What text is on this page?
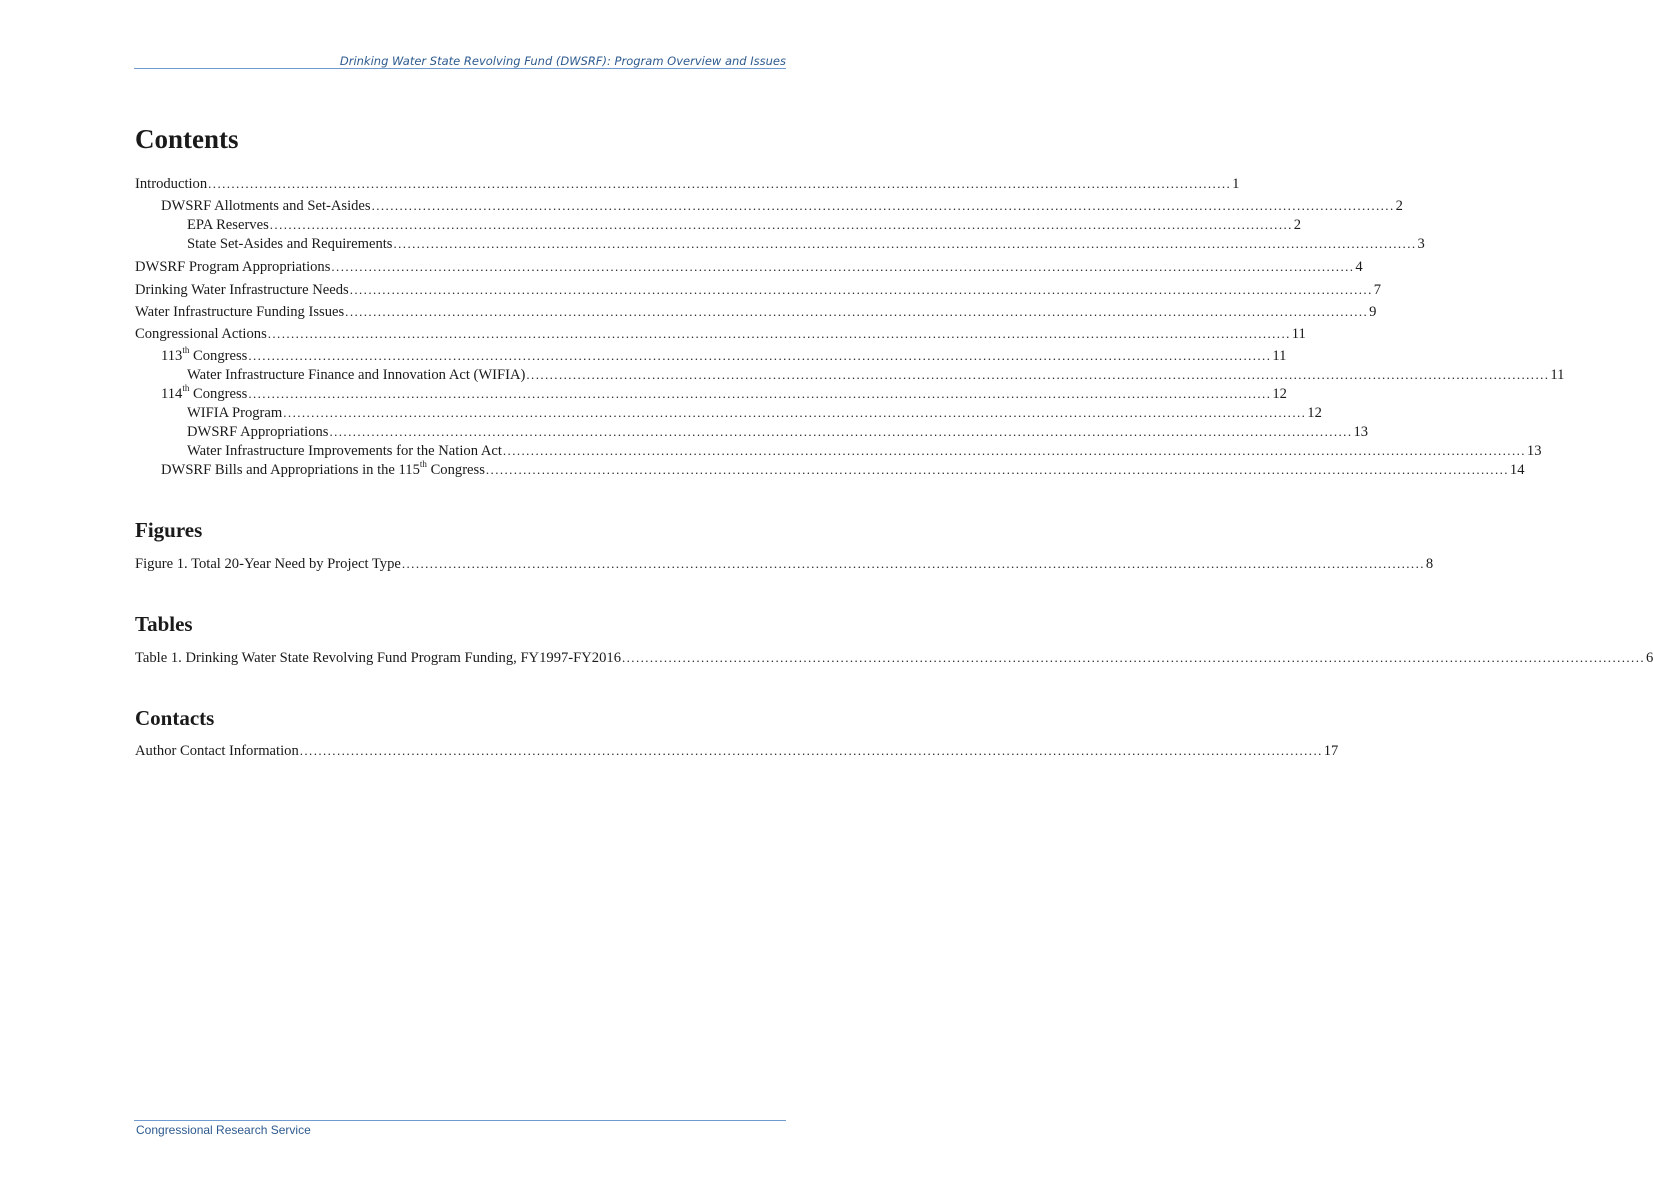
Drinking Water State Revolving Fund (DWSRF): Program Overview and Issues
Contents
Introduction ............................................................................................................................................................................................................................ 1
DWSRF Allotments and Set-Asides ............................................................................................................................................................................................................................ 2
EPA Reserves ............................................................................................................................................................................................................................ 2
State Set-Asides and Requirements ............................................................................................................................................................................................................................ 3
DWSRF Program Appropriations ............................................................................................................................................................................................................................ 4
Drinking Water Infrastructure Needs ............................................................................................................................................................................................................................ 7
Water Infrastructure Funding Issues ............................................................................................................................................................................................................................ 9
Congressional Actions ............................................................................................................................................................................................................................ 11
113th Congress ............................................................................................................................................................................................................................ 11
Water Infrastructure Finance and Innovation Act (WIFIA) ............................................................................................................................................................................................................................ 11
114th Congress ............................................................................................................................................................................................................................ 12
WIFIA Program ............................................................................................................................................................................................................................ 12
DWSRF Appropriations ............................................................................................................................................................................................................................ 13
Water Infrastructure Improvements for the Nation Act ............................................................................................................................................................................................................................ 13
DWSRF Bills and Appropriations in the 115th Congress ............................................................................................................................................................................................................................ 14
Figures
Figure 1. Total 20-Year Need by Project Type ............................................................................................................................................................................................................................ 8
Tables
Table 1. Drinking Water State Revolving Fund Program Funding, FY1997-FY2016 ............................................................................................................................................................................................................................ 6
Contacts
Author Contact Information ............................................................................................................................................................................................................................ 17
Congressional Research Service
